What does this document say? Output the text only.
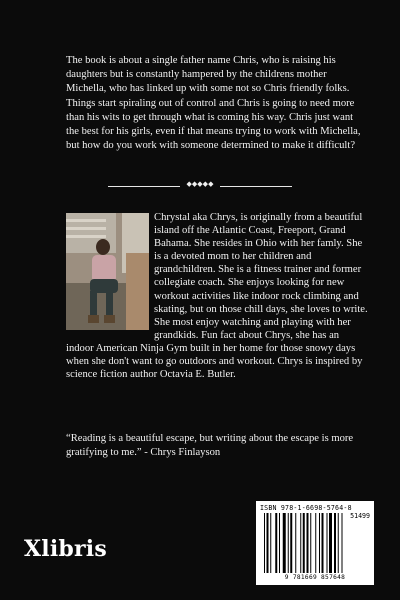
The book is about a single father name Chris, who is raising his daughters but is constantly hampered by the childrens mother Michella, who has linked up with some not so Chris friendly folks. Things start spiraling out of control and Chris is going to need more than his wits to get through what is coming his way. Chris just want the best for his girls, even if that means trying to work with Michella, but how do you work with someone determined to make it difficult?
◆◆◆◆◆
Chrystal aka Chrys, is originally from a beautiful island off the Atlantic Coast, Freeport, Grand Bahama. She resides in Ohio with her famly. She is a devoted mom to her children and grandchildren. She is a fitness trainer and former collegiate coach. She enjoys looking for new workout activities like indoor rock climbing and skating, but on those chill days, she loves to write. She most enjoy watching and playing with her grandkids. Fun fact about Chrys, she has an indoor American Ninja Gym built in her home for those snowy days when she don't want to go outdoors and workout. Chrys is inspired by science fiction author Octavia E. Butler.
“Reading is a beautiful escape, but writing about the escape is more gratifying to me.” - Chrys Finlayson
Xlibris
ISBN 978-1-6698-5764-8
51499
9 781669 857648
